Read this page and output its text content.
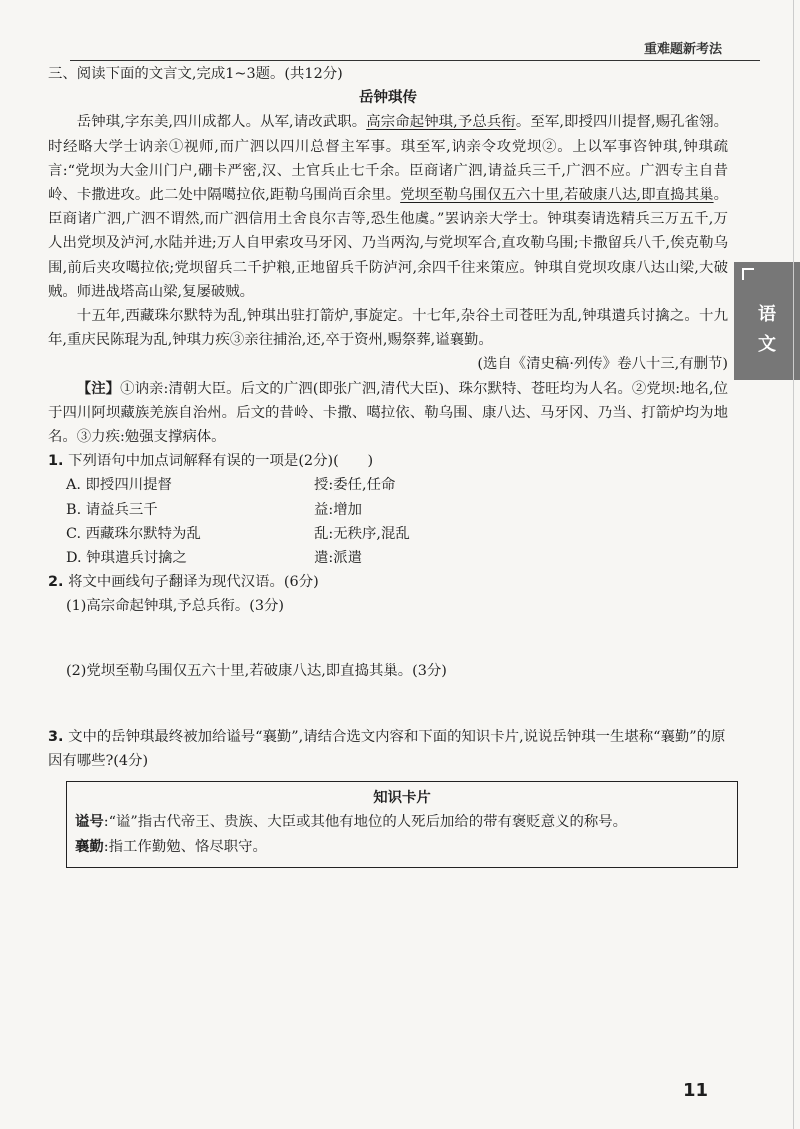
重难题新考法
语
文

三、阅读下面的文言文,完成1~3题。(共12分)

岳钟琪传

岳钟琪,字东美,四川成都人。从军,请改武职。高宗命起钟琪,予总兵衔。至军,即授四川提督,赐孔雀翎。时经略大学士讷亲①视师,而广泗以四川总督主军事。琪至军,讷亲令攻党坝②。上以军事咨钟琪,钟琪疏言:“党坝为大金川门户,硼卡严密,汉、土官兵止七千余。臣商诸广泗,请益兵三千,广泗不应。广泗专主自昔岭、卡撒进攻。此二处中隔噶拉依,距勒乌围尚百余里。党坝至勒乌围仅五六十里,若破康八达,即直捣其巢。臣商诸广泗,广泗不谓然,而广泗信用土舍良尔吉等,恐生他虞。”罢讷亲大学士。钟琪奏请选精兵三万五千,万人出党坝及泸河,水陆并进;万人自甲索攻马牙冈、乃当两沟,与党坝军合,直攻勒乌围;卡撒留兵八千,俟克勒乌围,前后夹攻噶拉依;党坝留兵二千护粮,正地留兵千防泸河,余四千往来策应。钟琪自党坝攻康八达山梁,大破贼。师进战塔高山梁,复屡破贼。

十五年,西藏珠尔默特为乱,钟琪出驻打箭炉,事旋定。十七年,杂谷土司苍旺为乱,钟琪遣兵讨擒之。十九年,重庆民陈琨为乱,钟琪力疾③亲往捕治,还,卒于资州,赐祭葬,谥襄勤。

(选自《清史稿·列传》卷八十三,有删节)

【注】①讷亲:清朝大臣。后文的广泗(即张广泗,清代大臣)、珠尔默特、苍旺均为人名。②党坝:地名,位于四川阿坝藏族羌族自治州。后文的昔岭、卡撒、噶拉依、勒乌围、康八达、马牙冈、乃当、打箭炉均为地名。③力疾:勉强支撑病体。

1. 下列语句中加点词解释有误的一项是(2分)(　　)

A. 即授四川提督	授:委任,任命
B. 请益兵三千	益:增加
C. 西藏珠尔默特为乱	乱:无秩序,混乱
D. 钟琪遣兵讨擒之	遣:派遣

2. 将文中画线句子翻译为现代汉语。(6分)

(1)高宗命起钟琪,予总兵衔。(3分)

(2)党坝至勒乌围仅五六十里,若破康八达,即直捣其巢。(3分)

3. 文中的岳钟琪最终被加给谥号“襄勤”,请结合选文内容和下面的知识卡片,说说岳钟琪一生堪称“襄勤”的原因有哪些?(4分)

知识卡片

谥号:“谥”指古代帝王、贵族、大臣或其他有地位的人死后加给的带有褒贬意义的称号。

襄勤:指工作勤勉、恪尽职守。

11
